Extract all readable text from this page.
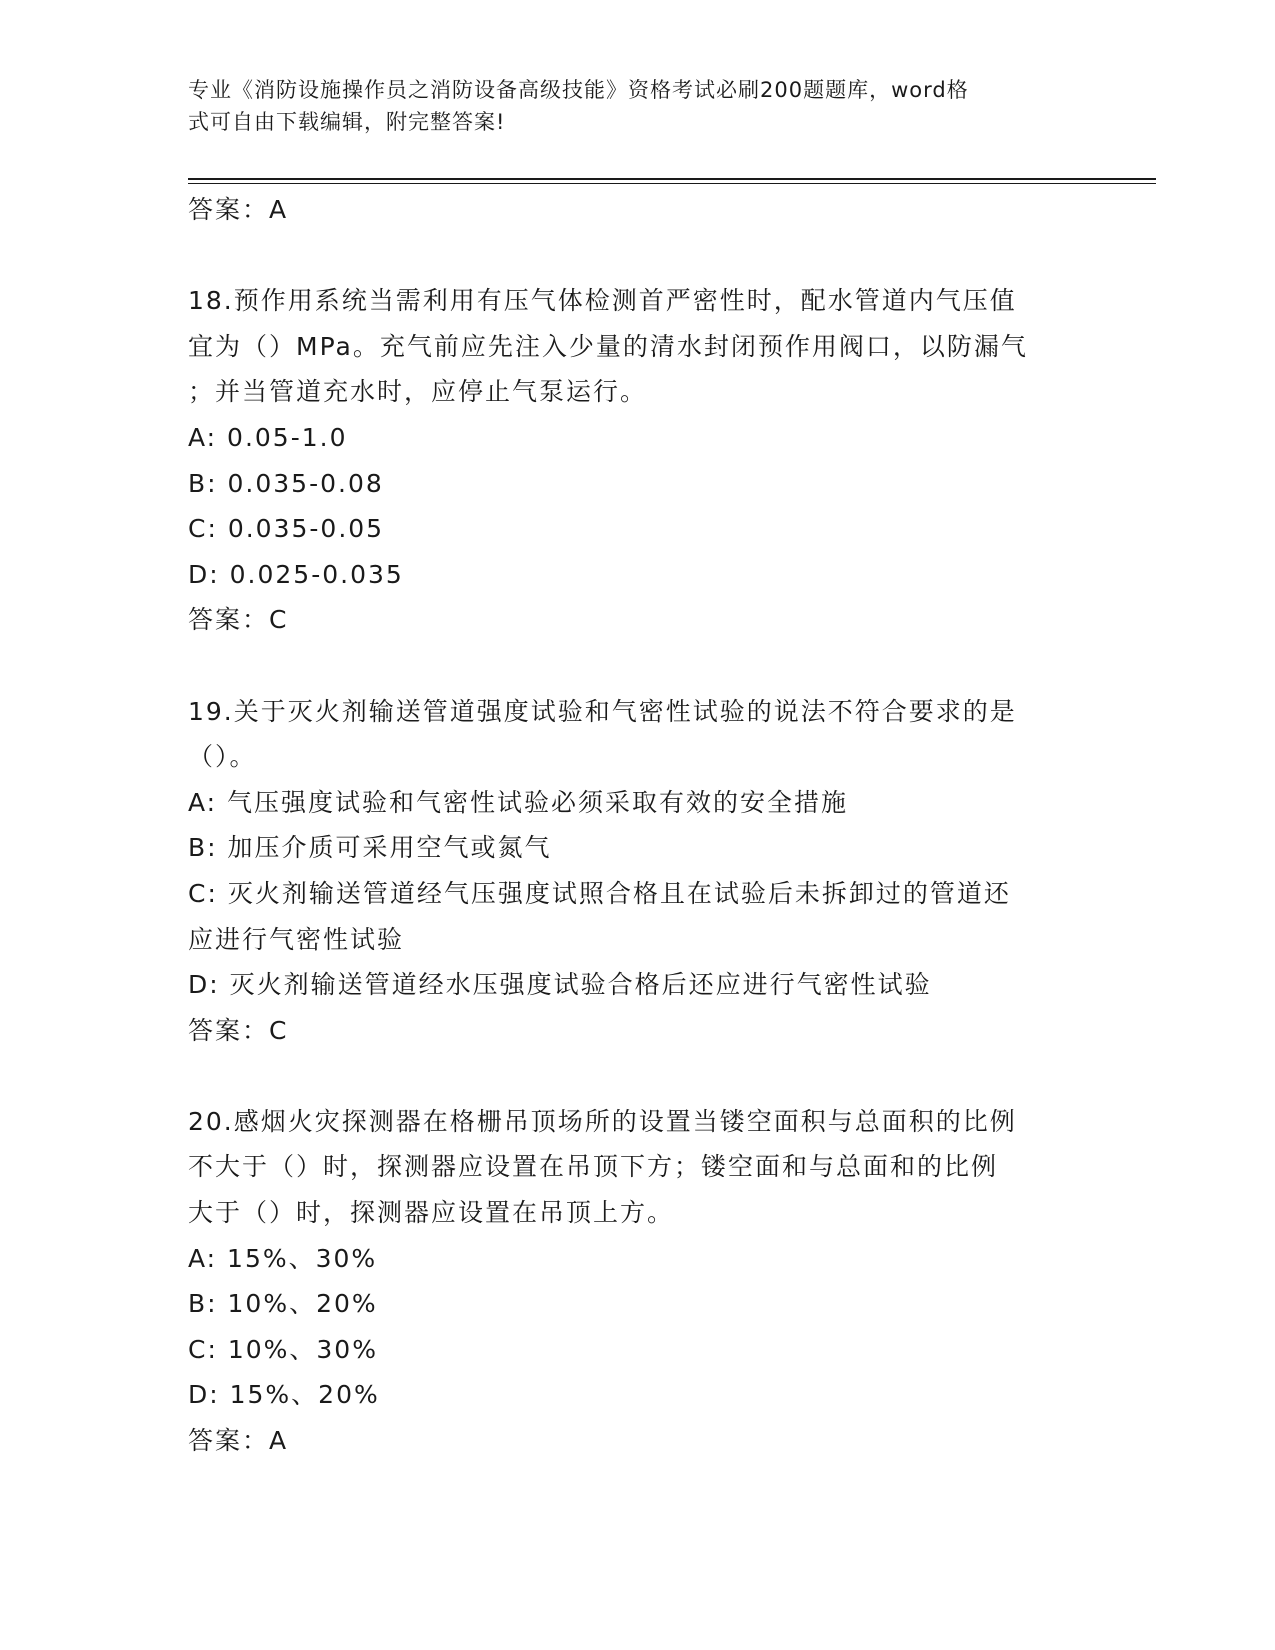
专业《消防设施操作员之消防设备高级技能》资格考试必刷200题题库，word格
式可自由下载编辑，附完整答案!

答案：A

18.预作用系统当需利用有压气体检测首严密性时，配水管道内气压值

宜为（）MPa。充气前应先注入少量的清水封闭预作用阀口，以防漏气

；并当管道充水时，应停止气泵运行。

A: 0.05-1.0

B: 0.035-0.08

C: 0.035-0.05

D: 0.025-0.035

答案：C

19.关于灭火剂输送管道强度试验和气密性试验的说法不符合要求的是

（）。

A: 气压强度试验和气密性试验必须采取有效的安全措施

B: 加压介质可采用空气或氮气

C: 灭火剂输送管道经气压强度试照合格且在试验后未拆卸过的管道还

应进行气密性试验

D: 灭火剂输送管道经水压强度试验合格后还应进行气密性试验

答案：C

20.感烟火灾探测器在格栅吊顶场所的设置当镂空面积与总面积的比例

不大于（）时，探测器应设置在吊顶下方；镂空面和与总面和的比例

大于（）时，探测器应设置在吊顶上方。

A: 15%、30%

B: 10%、20%

C: 10%、30%

D: 15%、20%

答案：A
